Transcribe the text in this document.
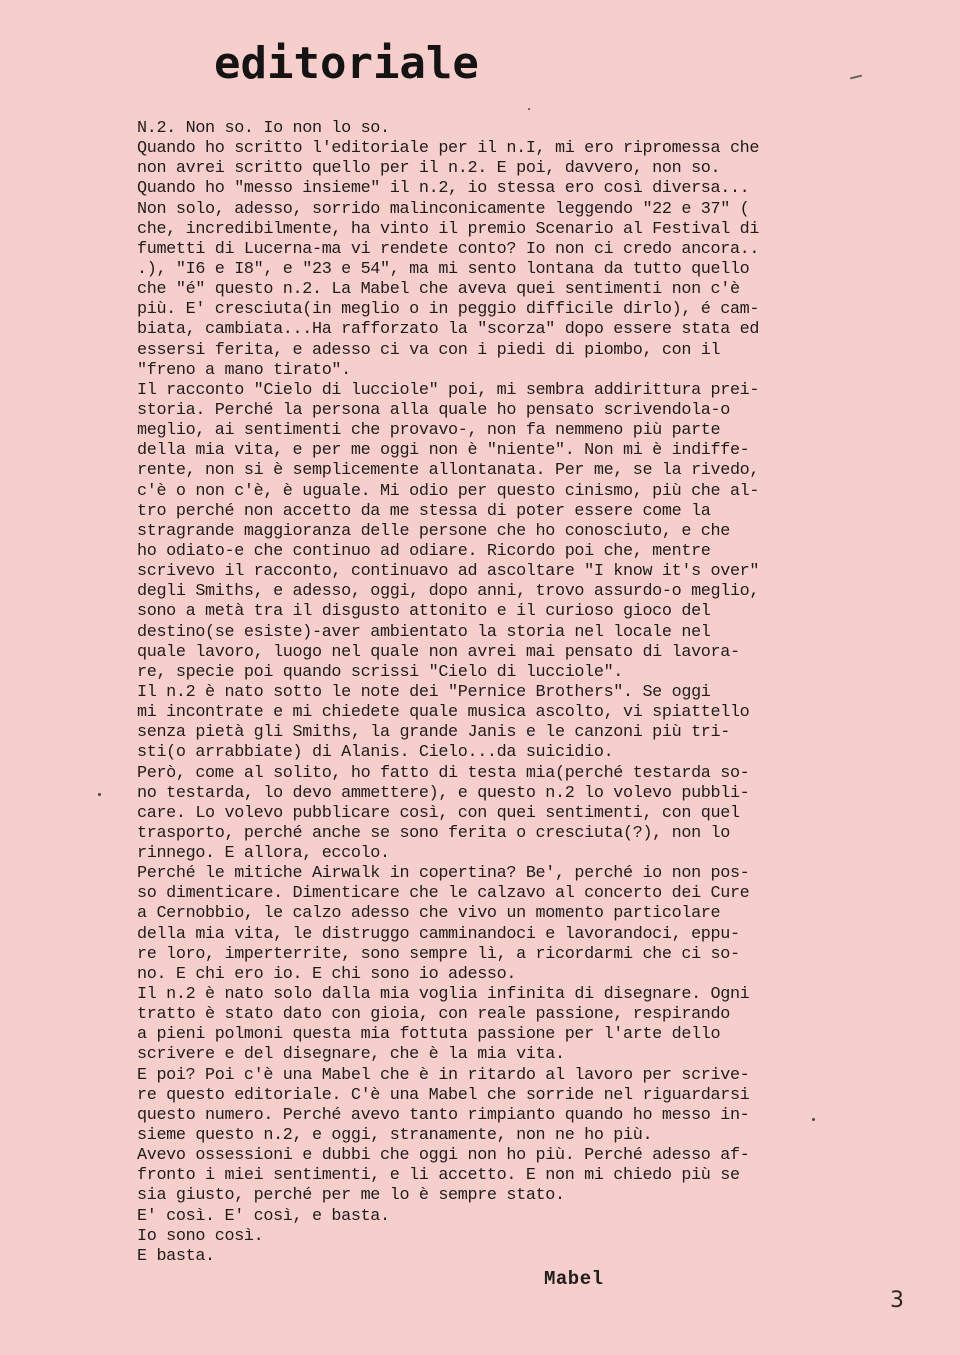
editoriale
N.2. Non so. Io non lo so.
Quando ho scritto l'editoriale per il n.I, mi ero ripromessa che
non avrei scritto quello per il n.2. E poi, davvero, non so.
Quando ho "messo insieme" il n.2, io stessa ero così diversa...
Non solo, adesso, sorrido malinconicamente leggendo "22 e 37" (
che, incredibilmente, ha vinto il premio Scenario al Festival di
fumetti di Lucerna-ma vi rendete conto? Io non ci credo ancora..
.), "I6 e I8", e "23 e 54", ma mi sento lontana da tutto quello
che "é" questo n.2. La Mabel che aveva quei sentimenti non c'è
più. E' cresciuta(in meglio o in peggio difficile dirlo), é cam-
biata, cambiata...Ha rafforzato la "scorza" dopo essere stata ed
essersi ferita, e adesso ci va con i piedi di piombo, con il
"freno a mano tirato".
Il racconto "Cielo di lucciole" poi, mi sembra addirittura prei-
storia. Perché la persona alla quale ho pensato scrivendola-o
meglio, ai sentimenti che provavo-, non fa nemmeno più parte
della mia vita, e per me oggi non è "niente". Non mi è indiffe-
rente, non si è semplicemente allontanata. Per me, se la rivedo,
c'è o non c'è, è uguale. Mi odio per questo cinismo, più che al-
tro perché non accetto da me stessa di poter essere come la
stragrande maggioranza delle persone che ho conosciuto, e che
ho odiato-e che continuo ad odiare. Ricordo poi che, mentre
scrivevo il racconto, continuavo ad ascoltare "I know it's over"
degli Smiths, e adesso, oggi, dopo anni, trovo assurdo-o meglio,
sono a metà tra il disgusto attonito e il curioso gioco del
destino(se esiste)-aver ambientato la storia nel locale nel
quale lavoro, luogo nel quale non avrei mai pensato di lavora-
re, specie poi quando scrissi "Cielo di lucciole".
Il n.2 è nato sotto le note dei "Pernice Brothers". Se oggi
mi incontrate e mi chiedete quale musica ascolto, vi spiattello
senza pietà gli Smiths, la grande Janis e le canzoni più tri-
sti(o arrabbiate) di Alanis. Cielo...da suicidio.
Però, come al solito, ho fatto di testa mia(perché testarda so-
no testarda, lo devo ammettere), e questo n.2 lo volevo pubbli-
care. Lo volevo pubblicare così, con quei sentimenti, con quel
trasporto, perché anche se sono ferita o cresciuta(?), non lo
rinnego. E allora, eccolo.
Perché le mitiche Airwalk in copertina? Be', perché io non pos-
so dimenticare. Dimenticare che le calzavo al concerto dei Cure
a Cernobbio, le calzo adesso che vivo un momento particolare
della mia vita, le distruggo camminandoci e lavorandoci, eppu-
re loro, imperterrite, sono sempre lì, a ricordarmi che ci so-
no. E chi ero io. E chi sono io adesso.
Il n.2 è nato solo dalla mia voglia infinita di disegnare. Ogni
tratto è stato dato con gioia, con reale passione, respirando
a pieni polmoni questa mia fottuta passione per l'arte dello
scrivere e del disegnare, che è la mia vita.
E poi? Poi c'è una Mabel che è in ritardo al lavoro per scrive-
re questo editoriale. C'è una Mabel che sorride nel riguardarsi
questo numero. Perché avevo tanto rimpianto quando ho messo in-
sieme questo n.2, e oggi, stranamente, non ne ho più.
Avevo ossessioni e dubbi che oggi non ho più. Perché adesso af-
fronto i miei sentimenti, e li accetto. E non mi chiedo più se
sia giusto, perché per me lo è sempre stato.
E' così. E' così, e basta.
Io sono così.
E basta.
Mabel
3
